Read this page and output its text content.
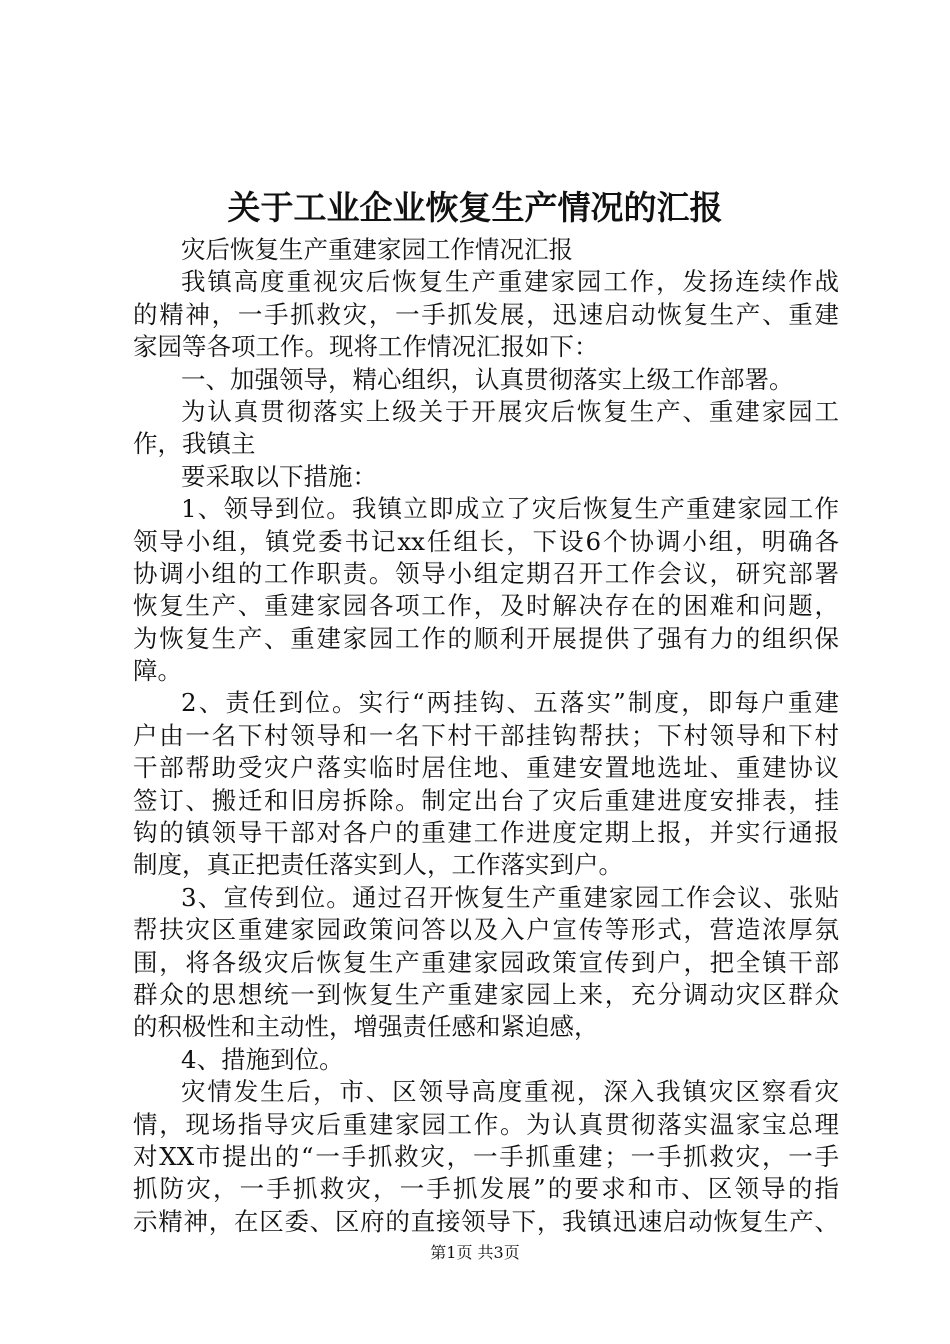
关于工业企业恢复生产情况的汇报
灾后恢复生产重建家园工作情况汇报
我镇高度重视灾后恢复生产重建家园工作，发扬连续作战
的精神，一手抓救灾，一手抓发展，迅速启动恢复生产、重建
家园等各项工作。现将工作情况汇报如下：
一、加强领导，精心组织，认真贯彻落实上级工作部署。
为认真贯彻落实上级关于开展灾后恢复生产、重建家园工
作，我镇主
要采取以下措施：
1、领导到位。我镇立即成立了灾后恢复生产重建家园工作
领导小组，镇党委书记xx任组长，下设6个协调小组，明确各
协调小组的工作职责。领导小组定期召开工作会议，研究部署
恢复生产、重建家园各项工作，及时解决存在的困难和问题，
为恢复生产、重建家园工作的顺利开展提供了强有力的组织保
障。
2、责任到位。实行“两挂钩、五落实”制度，即每户重建
户由一名下村领导和一名下村干部挂钩帮扶；下村领导和下村
干部帮助受灾户落实临时居住地、重建安置地选址、重建协议
签订、搬迁和旧房拆除。制定出台了灾后重建进度安排表，挂
钩的镇领导干部对各户的重建工作进度定期上报，并实行通报
制度，真正把责任落实到人，工作落实到户。
3、宣传到位。通过召开恢复生产重建家园工作会议、张贴
帮扶灾区重建家园政策问答以及入户宣传等形式，营造浓厚氛
围，将各级灾后恢复生产重建家园政策宣传到户，把全镇干部
群众的思想统一到恢复生产重建家园上来，充分调动灾区群众
的积极性和主动性，增强责任感和紧迫感，
4、措施到位。
灾情发生后，市、区领导高度重视，深入我镇灾区察看灾
情，现场指导灾后重建家园工作。为认真贯彻落实温家宝总理
对XX市提出的“一手抓救灾，一手抓重建；一手抓救灾，一手
抓防灾，一手抓救灾，一手抓发展”的要求和市、区领导的指
示精神，在区委、区府的直接领导下，我镇迅速启动恢复生产、
第1页 共3页
